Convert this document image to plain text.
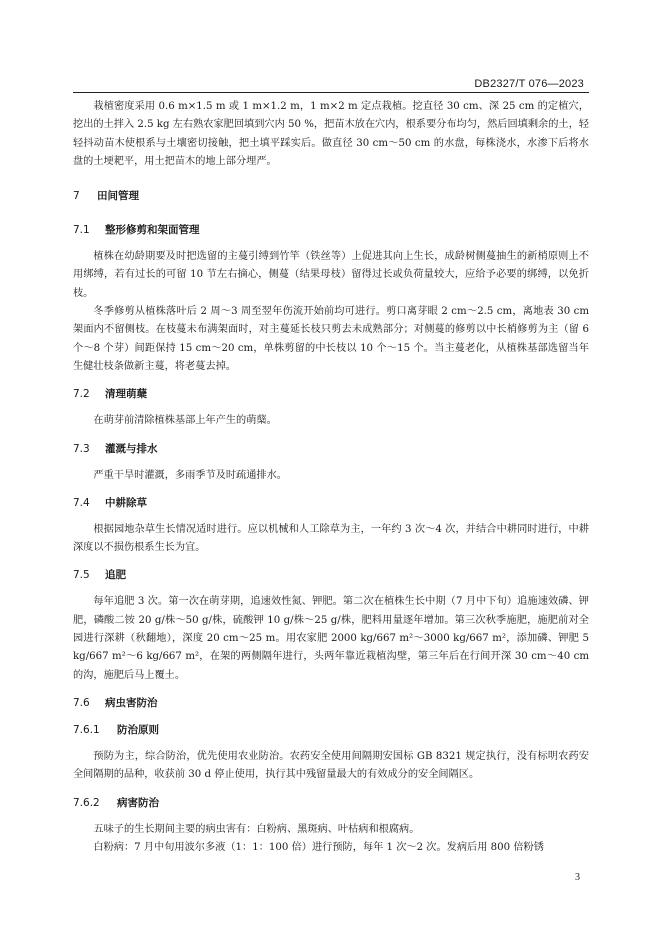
DB2327/T 076—2023

栽植密度采用 0.6 m×1.5 m 或 1 m×1.2 m，1 m×2 m 定点栽植。挖直径 30 cm、深 25 cm 的定植穴，挖出的土拌入 2.5 kg 左右熟农家肥回填到穴内 50 %，把苗木放在穴内，根系要分布均匀，然后回填剩余的土，轻轻抖动苗木使根系与土壤密切接触，把土填平踩实后。做直径 30 cm～50 cm 的水盘，每株浇水，水渗下后将水盘的土埂耙平，用土把苗木的地上部分埋严。

7 田间管理
7.1 整形修剪和架面管理

植株在幼龄期要及时把选留的主蔓引缚到竹竿（铁丝等）上促进其向上生长，成龄树侧蔓抽生的新梢原则上不用绑缚，若有过长的可留 10 节左右摘心，侧蔓（结果母枝）留得过长或负荷量较大，应给予必要的绑缚，以免折枝。

冬季修剪从植株落叶后 2 周～3 周至翌年伤流开始前均可进行。剪口离芽眼 2 cm～2.5 cm，离地表 30 cm 架面内不留侧枝。在枝蔓未布满架面时，对主蔓延长枝只剪去未成熟部分；对侧蔓的修剪以中长梢修剪为主（留 6 个～8 个芽）间距保持 15 cm～20 cm，单株剪留的中长枝以 10 个～15 个。当主蔓老化，从植株基部选留当年生健壮枝条做新主蔓，将老蔓去掉。

7.2 清理萌蘖

在萌芽前清除植株基部上年产生的萌蘖。

7.3 灌溉与排水

严重干旱时灌溉，多雨季节及时疏通排水。

7.4 中耕除草

根据园地杂草生长情况适时进行。应以机械和人工除草为主，一年约 3 次～4 次，并结合中耕同时进行，中耕深度以不损伤根系生长为宜。

7.5 追肥

每年追肥 3 次。第一次在萌芽期，追速效性氮、钾肥。第二次在植株生长中期（7 月中下旬）追施速效磷、钾肥，磷酸二铵 20 g/株～50 g/株，硫酸钾 10 g/株～25 g/株，肥料用量逐年增加。第三次秋季施肥，施肥前对全园进行深耕（秋翻地），深度 20 cm～25 m。用农家肥 2000 kg/667 m²～3000 kg/667 m²，添加磷、钾肥 5 kg/667 m²～6 kg/667 m²，在架的两侧隔年进行，头两年靠近栽植沟壁，第三年后在行间开深 30 cm～40 cm 的沟，施肥后马上覆土。

7.6 病虫害防治
7.6.1 防治原则

预防为主，综合防治，优先使用农业防治。农药安全使用间隔期安国标 GB 8321 规定执行，没有标明农药安全间隔期的品种，收获前 30 d 停止使用，执行其中残留量最大的有效成分的安全间隔区。

7.6.2 病害防治

五味子的生长期间主要的病虫害有：白粉病、黑斑病、叶枯病和根腐病。

白粉病：7 月中旬用波尔多液（1：1：100 倍）进行预防，每年 1 次～2 次。发病后用 800 倍粉锈

3
